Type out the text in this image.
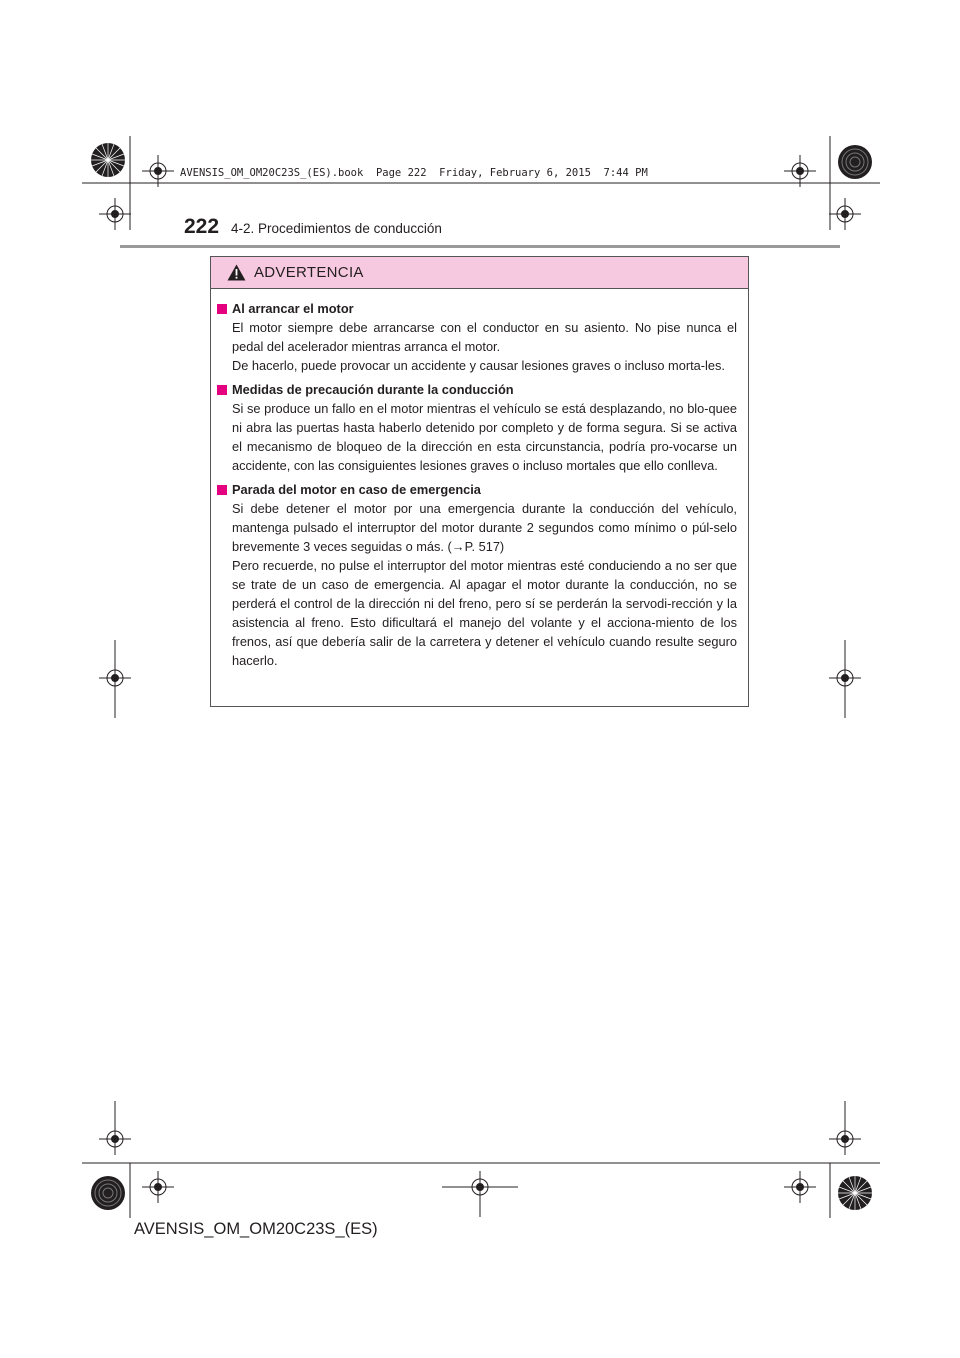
AVENSIS_OM_OM20C23S_(ES).book  Page 222  Friday, February 6, 2015  7:44 PM
222 4-2. Procedimientos de conducción
ADVERTENCIA
Al arrancar el motor
El motor siempre debe arrancarse con el conductor en su asiento. No pise nunca el pedal del acelerador mientras arranca el motor.
De hacerlo, puede provocar un accidente y causar lesiones graves o incluso morta-les.
Medidas de precaución durante la conducción
Si se produce un fallo en el motor mientras el vehículo se está desplazando, no blo-quee ni abra las puertas hasta haberlo detenido por completo y de forma segura. Si se activa el mecanismo de bloqueo de la dirección en esta circunstancia, podría pro-vocarse un accidente, con las consiguientes lesiones graves o incluso mortales que ello conlleva.
Parada del motor en caso de emergencia
Si debe detener el motor por una emergencia durante la conducción del vehículo, mantenga pulsado el interruptor del motor durante 2 segundos como mínimo o púl-selo brevemente 3 veces seguidas o más. (→P. 517)
Pero recuerde, no pulse el interruptor del motor mientras esté conduciendo a no ser que se trate de un caso de emergencia. Al apagar el motor durante la conducción, no se perderá el control de la dirección ni del freno, pero sí se perderán la servodi-rección y la asistencia al freno. Esto dificultará el manejo del volante y el acciona-miento de los frenos, así que debería salir de la carretera y detener el vehículo cuando resulte seguro hacerlo.
AVENSIS_OM_OM20C23S_(ES)
